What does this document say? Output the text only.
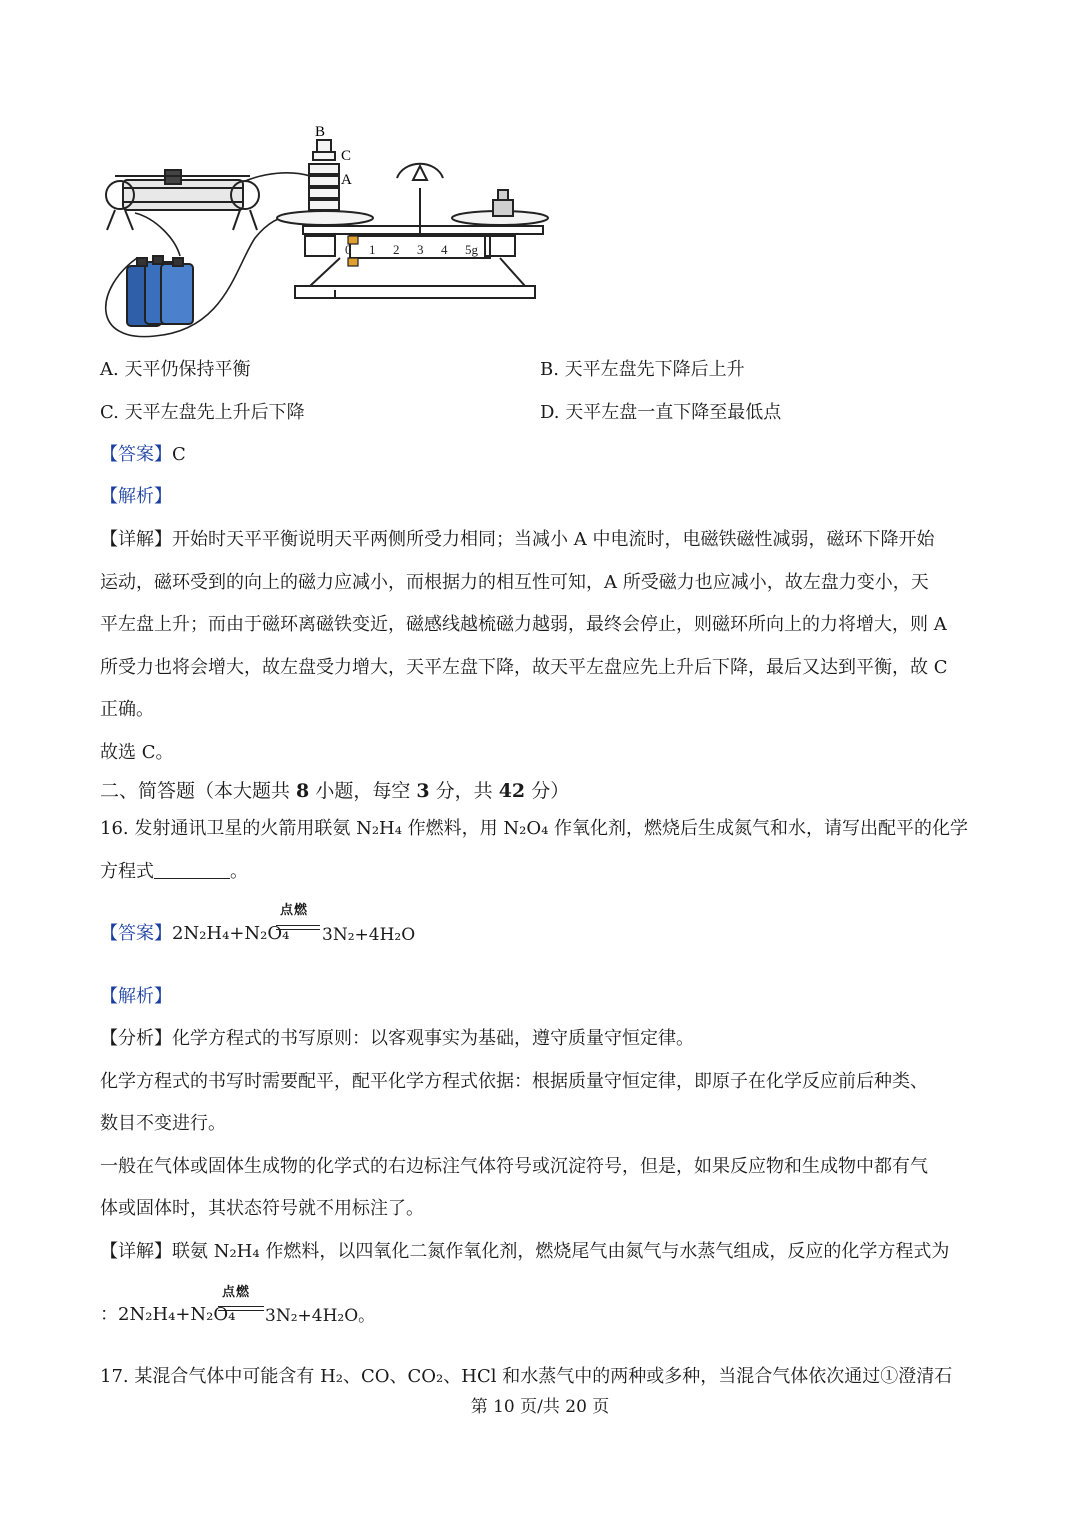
B
C
A
0 1 2 3 4 5g
A. 天平仍保持平衡	B. 天平左盘先下降后上升
C. 天平左盘先上升后下降	D. 天平左盘一直下降至最低点
【答案】C
【解析】
【详解】开始时天平平衡说明天平两侧所受力相同；当减小 A 中电流时，电磁铁磁性减弱，磁环下降开始
运动，磁环受到的向上的磁力应减小，而根据力的相互性可知，A 所受磁力也应减小，故左盘力变小，天
平左盘上升；而由于磁环离磁铁变近，磁感线越梳磁力越弱，最终会停止，则磁环所向上的力将增大，则 A
所受力也将会增大，故左盘受力增大，天平左盘下降，故天平左盘应先上升后下降，最后又达到平衡，故 C
正确。
故选 C。
二、简答题（本大题共 8 小题，每空 3 分，共 42 分）
16. 发射通讯卫星的火箭用联氨 N₂H₄ 作燃料，用 N₂O₄ 作氧化剂，燃烧后生成氮气和水，请写出配平的化学
方程式	。
【答案】2N₂H₄+N₂O₄
点燃
3N₂+4H₂O
【解析】
【分析】化学方程式的书写原则：以客观事实为基础，遵守质量守恒定律。
化学方程式的书写时需要配平，配平化学方程式依据：根据质量守恒定律，即原子在化学反应前后种类、
数目不变进行。
一般在气体或固体生成物的化学式的右边标注气体符号或沉淀符号，但是，如果反应物和生成物中都有气
体或固体时，其状态符号就不用标注了。
【详解】联氨 N₂H₄ 作燃料，以四氧化二氮作氧化剂，燃烧尾气由氮气与水蒸气组成，反应的化学方程式为
：2N₂H₄+N₂O₄
点燃
3N₂+4H₂O。
17. 某混合气体中可能含有 H₂、CO、CO₂、HCl 和水蒸气中的两种或多种，当混合气体依次通过①澄清石
第 10 页/共 20 页
